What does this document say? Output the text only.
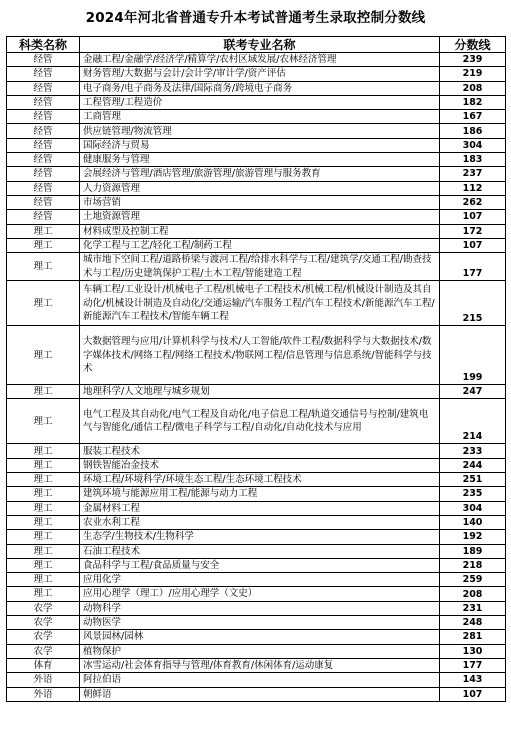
2024年河北省普通专升本考试普通考生录取控制分数线
科类名称	联考专业名称	分数线
经管	金融工程/金融学/经济学/精算学/农村区域发展/农林经济管理	239
经管	财务管理/大数据与会计/会计学/审计学/资产评估	219
经管	电子商务/电子商务及法律/国际商务/跨境电子商务	208
经管	工程管理/工程造价	182
经管	工商管理	167
经管	供应链管理/物流管理	186
经管	国际经济与贸易	304
经管	健康服务与管理	183
经管	会展经济与管理/酒店管理/旅游管理/旅游管理与服务教育	237
经管	人力资源管理	112
经管	市场营销	262
经管	土地资源管理	107
理工	材料成型及控制工程	172
理工	化学工程与工艺/轻化工程/制药工程	107
理工	城市地下空间工程/道路桥梁与渡河工程/给排水科学与工程/建筑学/交通工程/勘查技术与工程/历史建筑保护工程/土木工程/智能建造工程	177
理工	车辆工程/工业设计/机械电子工程/机械电子工程技术/机械工程/机械设计制造及其自动化/机械设计制造及自动化/交通运输/汽车服务工程/汽车工程技术/新能源汽车工程/新能源汽车工程技术/智能车辆工程	215
理工	大数据管理与应用/计算机科学与技术/人工智能/软件工程/数据科学与大数据技术/数字媒体技术/网络工程/网络工程技术/物联网工程/信息管理与信息系统/智能科学与技术	199
理工	地理科学/人文地理与城乡规划	247
理工	电气工程及其自动化/电气工程及自动化/电子信息工程/轨道交通信号与控制/建筑电气与智能化/通信工程/微电子科学与工程/自动化/自动化技术与应用	214
理工	服装工程技术	233
理工	钢铁智能冶金技术	244
理工	环境工程/环境科学/环境生态工程/生态环境工程技术	251
理工	建筑环境与能源应用工程/能源与动力工程	235
理工	金属材料工程	304
理工	农业水利工程	140
理工	生态学/生物技术/生物科学	192
理工	石油工程技术	189
理工	食品科学与工程/食品质量与安全	218
理工	应用化学	259
理工	应用心理学（理工）/应用心理学（文史）	208
农学	动物科学	231
农学	动物医学	248
农学	风景园林/园林	281
农学	植物保护	130
体育	冰雪运动/社会体育指导与管理/体育教育/休闲体育/运动康复	177
外语	阿拉伯语	143
外语	朝鲜语	107
